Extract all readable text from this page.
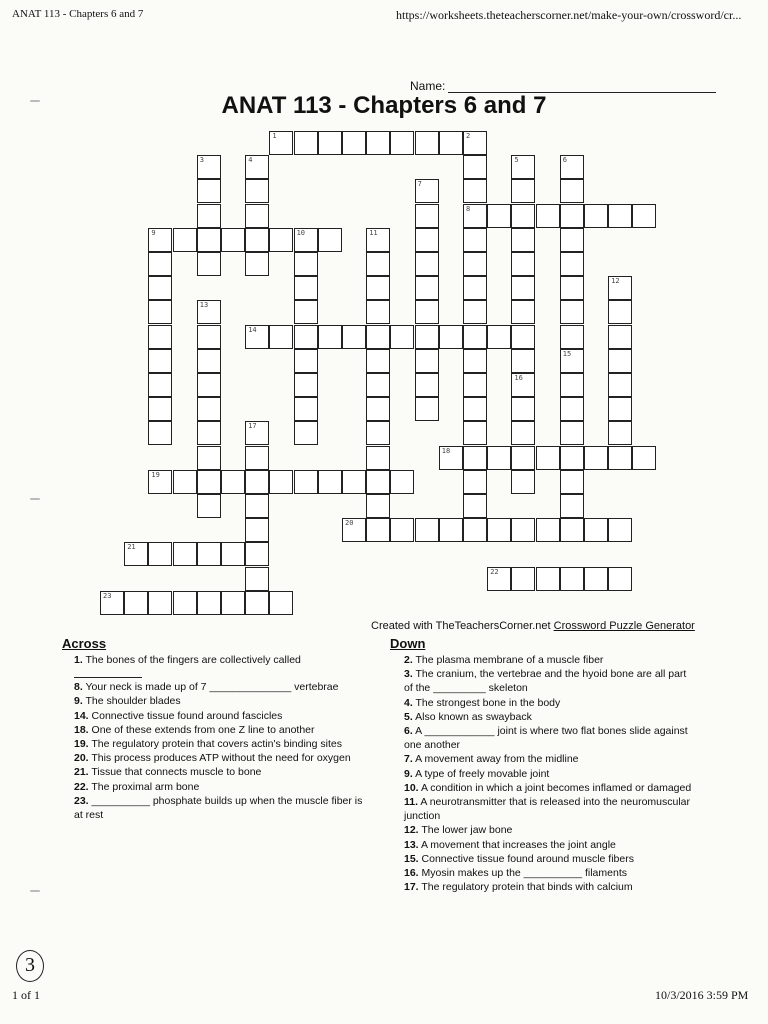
ANAT 113 - Chapters 6 and 7	https://worksheets.theteacherscorner.net/make-your-own/crossword/cr...
Name:
ANAT 113 - Chapters 6 and 7
1	2
8
3	4	5	6
7
9	10	11
12
13
14
15
16
17
18
19
20
21
22
23
Created with TheTeachersCorner.net Crossword Puzzle Generator
Across	Down

1. The bones of the fingers are collectively called

8. Your neck is made up of 7 ______________ vertebrae

9. The shoulder blades

14. Connective tissue found around fascicles

18. One of these extends from one Z line to another

19. The regulatory protein that covers actin's binding sites

20. This process produces ATP without the need for oxygen

21. Tissue that connects muscle to bone

22. The proximal arm bone

23. __________ phosphate builds up when the muscle fiber is at rest

2. The plasma membrane of a muscle fiber

3. The cranium, the vertebrae and the hyoid bone are all part of the _________ skeleton

4. The strongest bone in the body

5. Also known as swayback

6. A ____________ joint is where two flat bones slide against one another

7. A movement away from the midline

9. A type of freely movable joint

10. A condition in which a joint becomes inflamed or damaged

11. A neurotransmitter that is released into the neuromuscular junction

12. The lower jaw bone

13. A movement that increases the joint angle

15. Connective tissue found around muscle fibers

16. Myosin makes up the __________ filaments

17. The regulatory protein that binds with calcium

3
1 of 1	10/3/2016 3:59 PM
